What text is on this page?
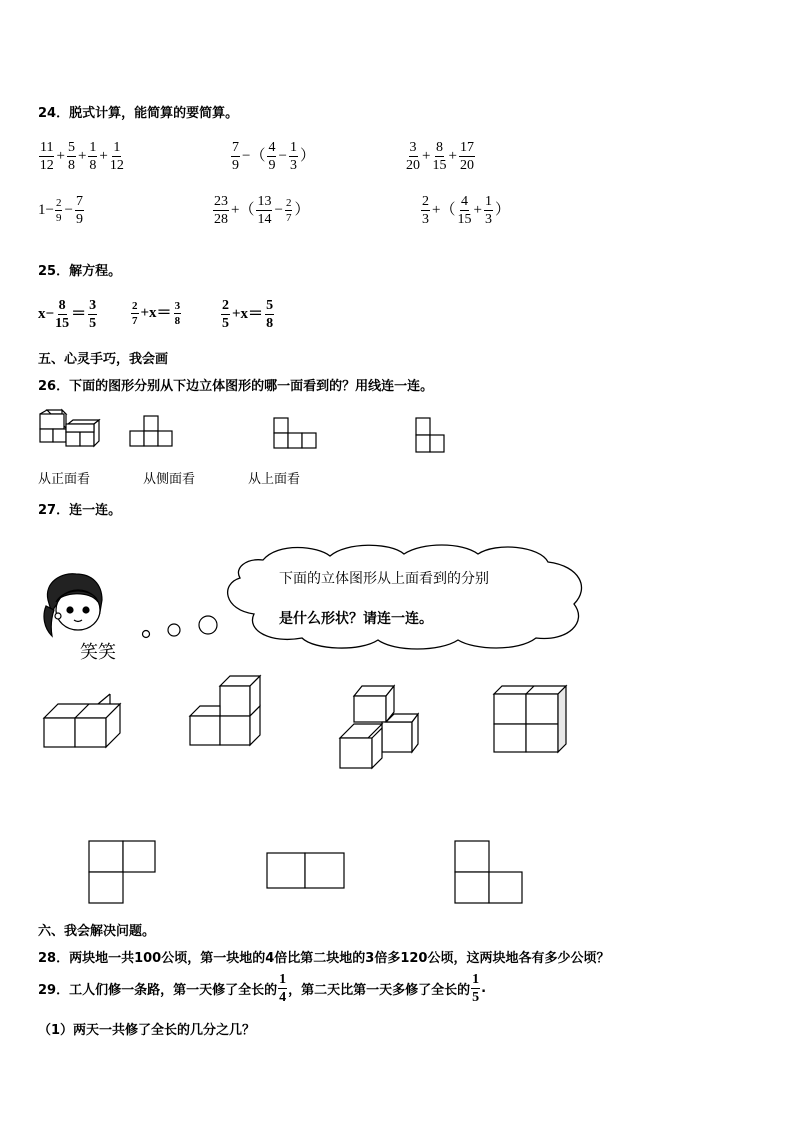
24．脱式计算，能简算的要简算。
$\frac{11}{12} + \frac{5}{8} + \frac{1}{8} + \frac{1}{12}$	$\frac{7}{9}$ −（ $\frac{4}{9} - \frac{1}{3}$ ）	$\frac{3}{20} + \frac{8}{15} + \frac{17}{20}$
$1- \frac{2}{9} - \frac{7}{9}$	$\frac{23}{28}$ +（ $\frac{13}{14} - \frac{2}{7}$ ）	$\frac{2}{3}$ +（ $\frac{4}{15} + \frac{1}{3}$ ）
25．解方程。
$x- \frac{8}{15} = \frac{3}{5}$	$\frac{2}{7} +x= \frac{3}{8}$	$\frac{2}{5} +x= \frac{5}{8}$
五、心灵手巧，我会画
26．下面的图形分别从下边立体图形的哪一面看到的？用线连一连。
从正面看	从侧面看	从上面看
27．连一连。
笑笑
下面的立体图形从上面看到的分别
是什么形状？请连一连。
六、我会解决问题。
28．两块地一共100公顷，第一块地的4倍比第二块地的3倍多120公顷，这两块地各有多少公顷？
29．工人们修一条路，第一天修了全长的 $\frac{1}{4}$ ，第二天比第一天多修了全长的 $\frac{1}{5}$ .
（1）两天一共修了全长的几分之几？
